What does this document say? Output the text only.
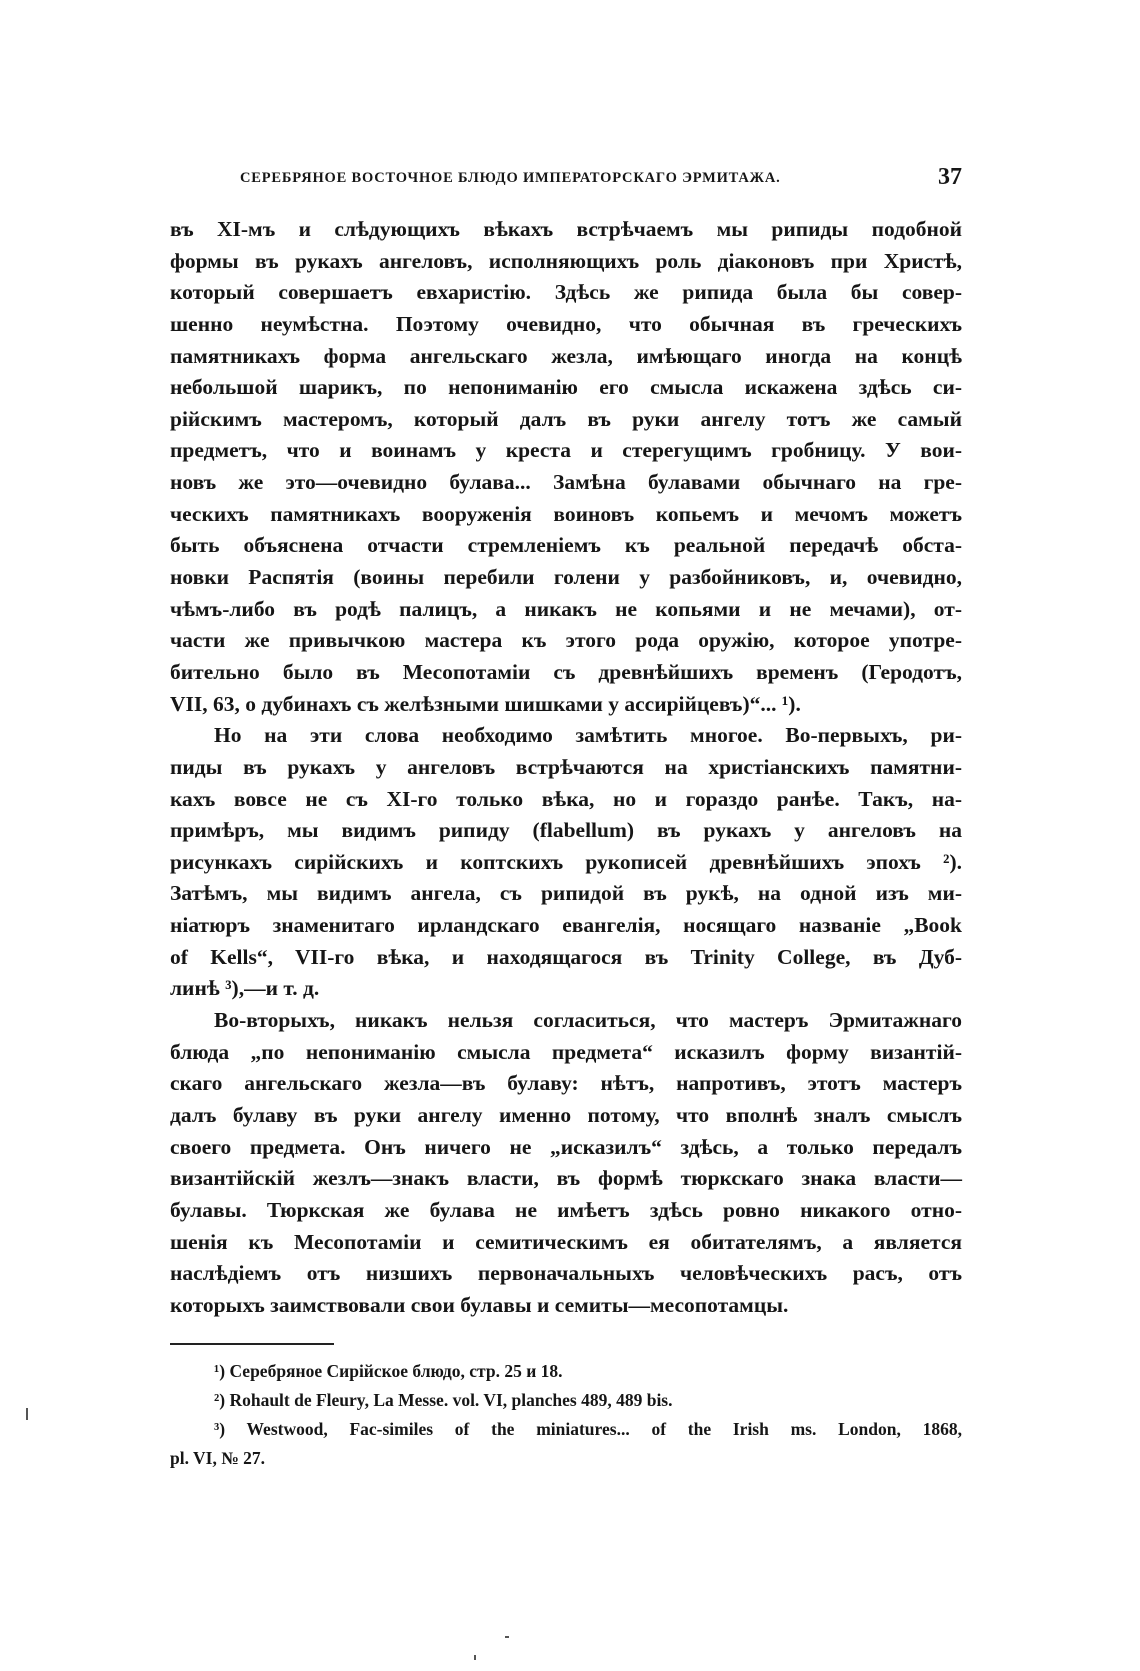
СЕРЕБРЯНОЕ ВОСТОЧНОЕ БЛЮДО ИМПЕРАТОРСКАГО ЭРМИТАЖА.	37
въ XI-мъ и слѣдующихъ вѣкахъ встрѣчаемъ мы рипиды подобной
формы въ рукахъ ангеловъ, исполняющихъ роль діаконовъ при Христѣ,
который совершаетъ евхаристію. Здѣсь же рипида была бы совер-
шенно неумѣстна. Поэтому очевидно, что обычная въ греческихъ
памятникахъ форма ангельскаго жезла, имѣющаго иногда на концѣ
небольшой шарикъ, по непониманію его смысла искажена здѣсь си-
рійскимъ мастеромъ, который далъ въ руки ангелу тотъ же самый
предметъ, что и воинамъ у креста и стерегущимъ гробницу. У вои-
новъ же это—очевидно булава... Замѣна булавами обычнаго на гре-
ческихъ памятникахъ вооруженія воиновъ копьемъ и мечомъ можетъ
быть объяснена отчасти стремленіемъ къ реальной передачѣ обста-
новки Распятія (воины перебили голени у разбойниковъ, и, очевидно,
чѣмъ-либо въ родѣ палицъ, а никакъ не копьями и не мечами), от-
части же привычкою мастера къ этого рода оружію, которое употре-
бительно было въ Месопотаміи съ древнѣйшихъ временъ (Геродотъ,
VII, 63, о дубинахъ съ желѣзными шишками у ассирійцевъ)“... ¹).
Но на эти слова необходимо замѣтить многое. Во-первыхъ, ри-
пиды въ рукахъ у ангеловъ встрѣчаются на христіанскихъ памятни-
кахъ вовсе не съ XI-го только вѣка, но и гораздо ранѣе. Такъ, на-
примѣръ, мы видимъ рипиду (flabellum) въ рукахъ у ангеловъ на
рисункахъ сирійскихъ и коптскихъ рукописей древнѣйшихъ эпохъ ²).
Затѣмъ, мы видимъ ангела, съ рипидой въ рукѣ, на одной изъ ми-
ніатюръ знаменитаго ирландскаго евангелія, носящаго названіе „Book
of Kells“, VII-го вѣка, и находящагося въ Trinity College, въ Дуб-
линѣ ³),—и т. д.
Во-вторыхъ, никакъ нельзя согласиться, что мастеръ Эрмитажнаго
блюда „по непониманію смысла предмета“ исказилъ форму византій-
скаго ангельскаго жезла—въ булаву: нѣтъ, напротивъ, этотъ мастеръ
далъ булаву въ руки ангелу именно потому, что вполнѣ зналъ смыслъ
своего предмета. Онъ ничего не „исказилъ“ здѣсь, а только передалъ
византійскій жезлъ—знакъ власти, въ формѣ тюркскаго знака власти—
булавы. Тюркская же булава не имѣетъ здѣсь ровно никакого отно-
шенія къ Месопотаміи и семитическимъ ея обитателямъ, а является
наслѣдіемъ отъ низшихъ первоначальныхъ человѣческихъ расъ, отъ
которыхъ заимствовали свои булавы и семиты—месопотамцы.
¹) Серебряное Сирійское блюдо, стр. 25 и 18.
²) Rohault de Fleury, La Messe. vol. VI, planches 489, 489 bis.
³) Westwood, Fac-similes of the miniatures... of the Irish ms. London, 1868,
pl. VI, № 27.
